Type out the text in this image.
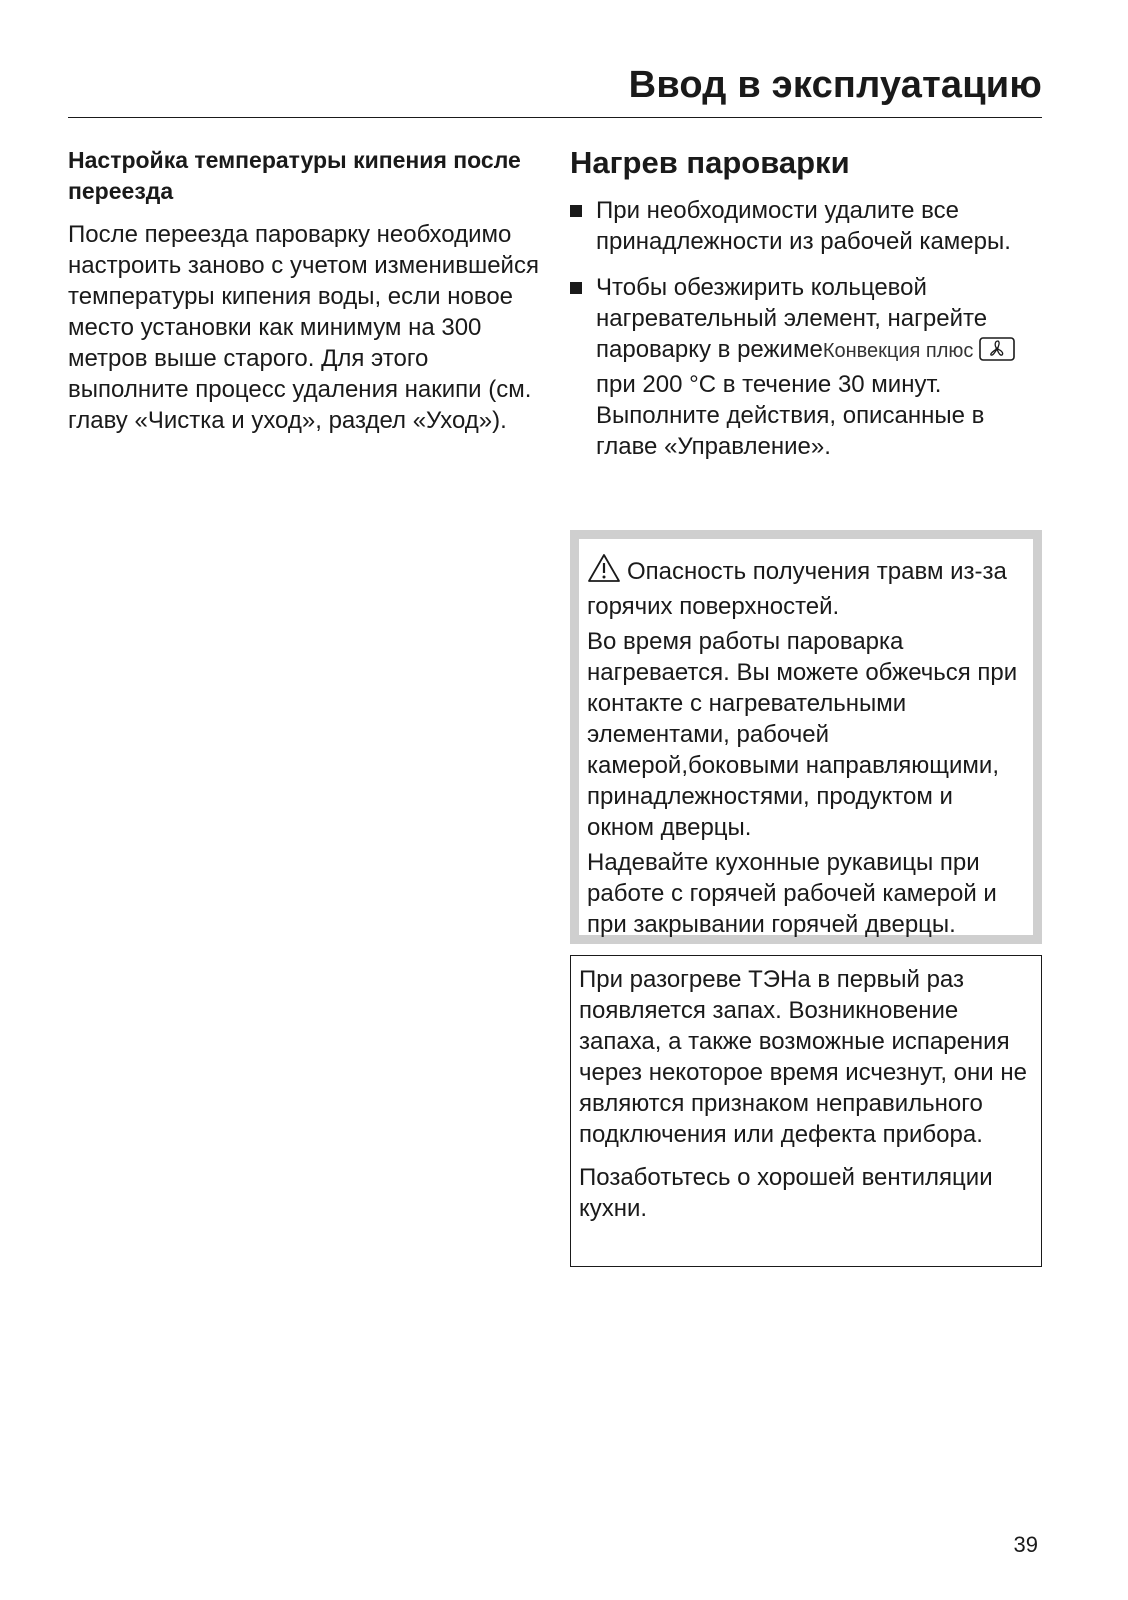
Ввод в эксплуатацию
Настройка температуры кипения после переезда

После переезда пароварку необходимо настроить заново с учетом изменившейся температуры кипения воды, если новое место установки как минимум на 300 метров выше старого. Для этого выполните процесс удаления накипи (см. главу «Чистка и уход», раздел «Уход»).

Нагрев пароварки
При необходимости удалите все принадлежности из рабочей камеры.
Чтобы обезжирить кольцевой нагревательный элемент, нагрейте пароварку в режимеКонвекция плюспри 200 °C в течение 30 минут. Выполните действия, описанные в главе «Управление».

Опасность получения травм из-за горячих поверхностей.

Во время работы пароварка нагревается. Вы можете обжечься при контакте с нагревательными элементами, рабочей камерой,боковыми направляющими, принадлежностями, продуктом и окном дверцы.

Надевайте кухонные рукавицы при работе с горячей рабочей камерой и при закрывании горячей дверцы.

При разогреве ТЭНа в первый раз появляется запах. Возникновение запаха, а также возможные испарения через некоторое время исчезнут, они не являются признаком неправильного подключения или дефекта прибора.

Позаботьтесь о хорошей вентиляции кухни.

39
